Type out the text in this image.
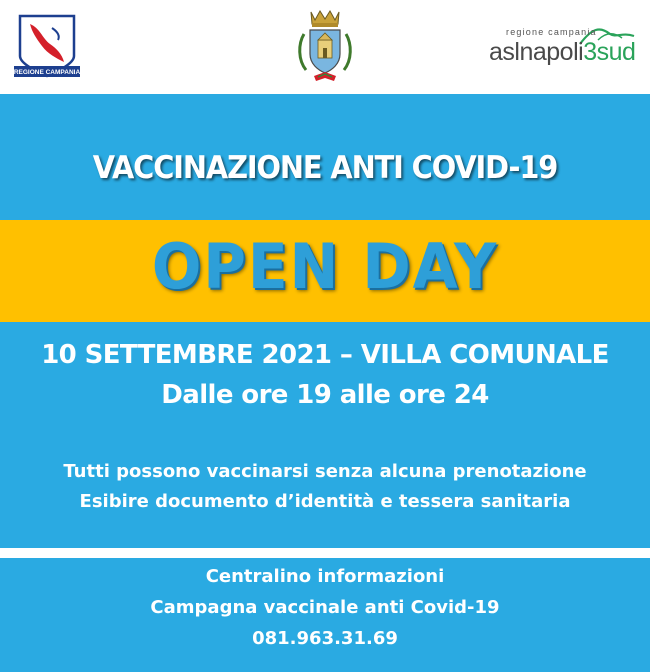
REGIONE CAMPANIA
regione campania
aslnapoli3sud
VACCINAZIONE ANTI COVID-19
OPEN DAY
10 SETTEMBRE 2021 – VILLA COMUNALE
Dalle ore 19 alle ore 24
Tutti possono vaccinarsi senza alcuna prenotazione
Esibire documento d’identità e tessera sanitaria
Centralino informazioni
Campagna vaccinale anti Covid-19
081.963.31.69
